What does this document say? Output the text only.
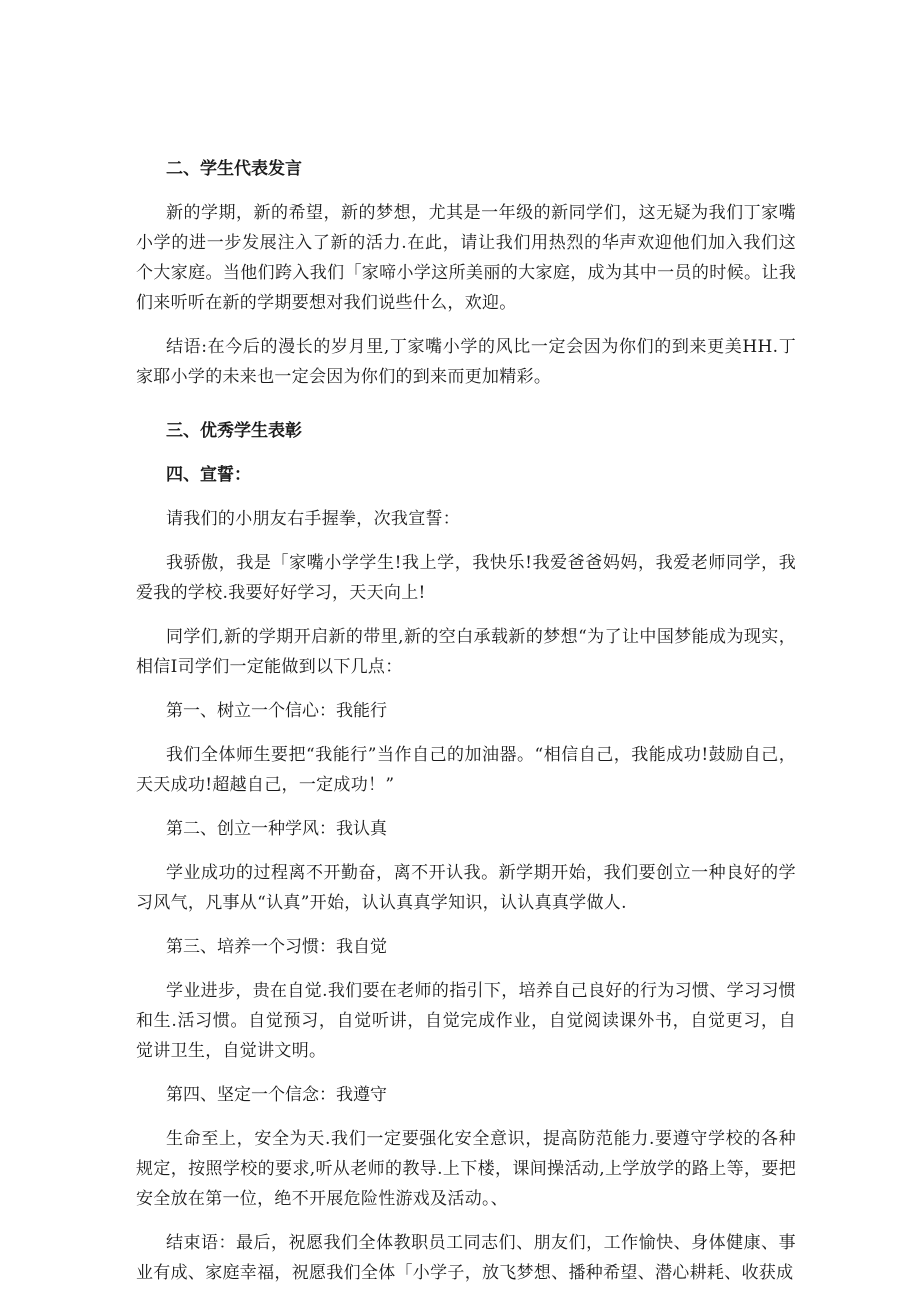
二、学生代表发言

新的学期，新的希望，新的梦想，尤其是一年级的新同学们，这无疑为我们丁家嘴小学的进一步发展注入了新的活力.在此，请让我们用热烈的华声欢迎他们加入我们这个大家庭。当他们跨入我们「家啼小学这所美丽的大家庭，成为其中一员的时候。让我们来听听在新的学期要想对我们说些什么，欢迎。

结语:在今后的漫长的岁月里,丁家嘴小学的风比一定会因为你们的到来更美HH.丁家耶小学的未来也一定会因为你们的到来而更加精彩。

三、优秀学生表彰
四、宣誓：

请我们的小朋友右手握拳，次我宣誓：

我骄傲，我是「家嘴小学学生!我上学，我快乐!我爱爸爸妈妈，我爱老师同学，我爱我的学校.我要好好学习，天天向上!

同学们,新的学期开启新的带里,新的空白承载新的梦想“为了让中国梦能成为现实，相信I司学们一定能做到以下几点：

第一、树立一个信心：我能行

我们全体师生要把“我能行”当作自己的加油器。“相信自己，我能成功!鼓励自己，天天成功!超越自己，一定成功！”

第二、创立一种学风：我认真

学业成功的过程离不开勤奋，离不开认我。新学期开始，我们要创立一种良好的学习风气，凡事从“认真”开始，认认真真学知识，认认真真学做人.

第三、培养一个习惯：我自觉

学业进步，贵在自觉.我们要在老师的指引下，培养自己良好的行为习惯、学习习惯和生.活习惯。自觉预习，自觉听讲，自觉完成作业，自觉阅读课外书，自觉更习，自觉讲卫生，自觉讲文明。

第四、坚定一个信念：我遵守

生命至上，安全为天.我们一定要强化安全意识，提高防范能力.要遵守学校的各种规定，按照学校的要求,听从老师的教导.上下楼，课间操活动,上学放学的路上等，要把安全放在第一位，绝不开展危险性游戏及活动。、

结束语：最后，祝愿我们全体教职员工同志们、朋友们，工作愉快、身体健康、事业有成、家庭幸福，祝愿我们全体「小学子，放飞梦想、播种希望、潜心耕耗、收获成
